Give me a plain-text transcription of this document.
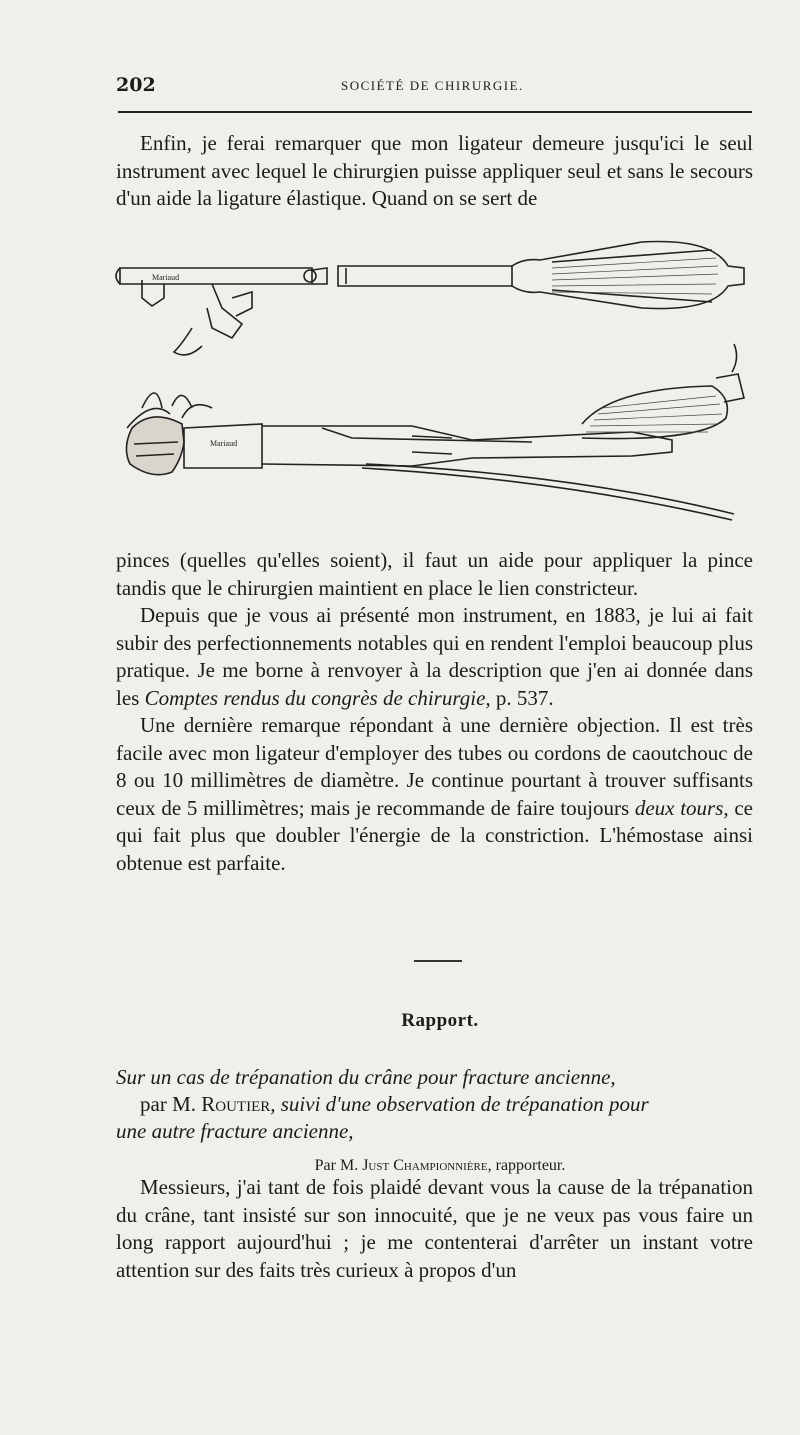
202	SOCIÉTÉ DE CHIRURGIE.

Enfin, je ferai remarquer que mon ligateur demeure jusqu'ici le seul instrument avec lequel le chirurgien puisse appliquer seul et sans le secours d'un aide la ligature élastique. Quand on se sert de

Mariaud
Mariaud

pinces (quelles qu'elles soient), il faut un aide pour appliquer la pince tandis que le chirurgien maintient en place le lien constricteur.

Depuis que je vous ai présenté mon instrument, en 1883, je lui ai fait subir des perfectionnements notables qui en rendent l'emploi beaucoup plus pratique. Je me borne à renvoyer à la description que j'en ai donnée dans les Comptes rendus du congrès de chirurgie, p. 537.

Une dernière remarque répondant à une dernière objection. Il est très facile avec mon ligateur d'employer des tubes ou cordons de caoutchouc de 8 ou 10 millimètres de diamètre. Je continue pourtant à trouver suffisants ceux de 5 millimètres; mais je recommande de faire toujours deux tours, ce qui fait plus que doubler l'énergie de la constriction. L'hémostase ainsi obtenue est parfaite.

Rapport.

Sur un cas de trépanation du crâne pour fracture ancienne,

par M. Routier, suivi d'une observation de trépanation pour

une autre fracture ancienne,

Par M. Just Championnière, rapporteur.

Messieurs, j'ai tant de fois plaidé devant vous la cause de la trépanation du crâne, tant insisté sur son innocuité, que je ne veux pas vous faire un long rapport aujourd'hui ; je me contenterai d'arrêter un instant votre attention sur des faits très curieux à propos d'un
